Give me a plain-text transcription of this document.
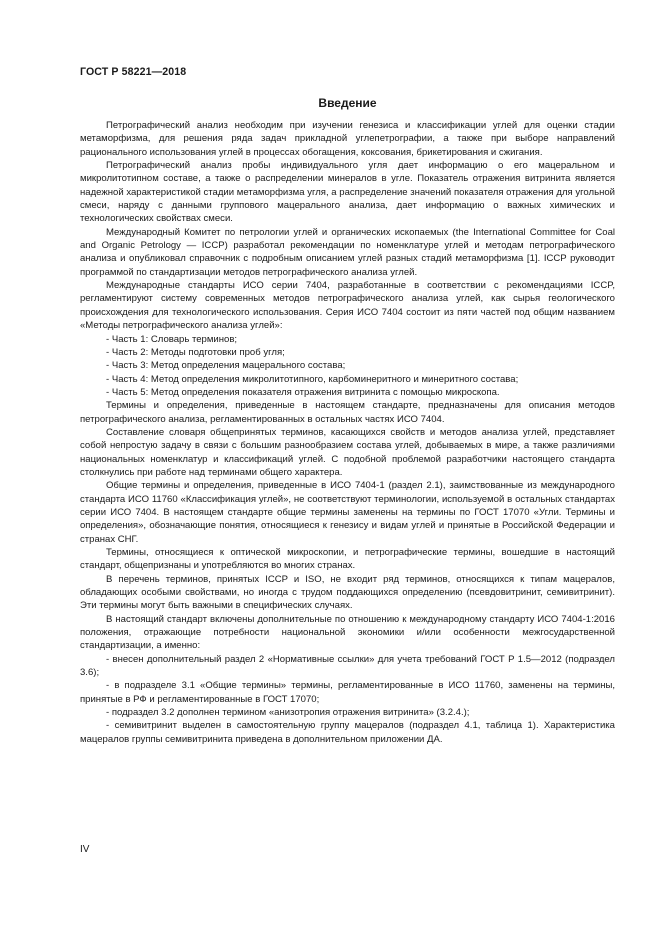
ГОСТ Р 58221—2018
Введение

Петрографический анализ необходим при изучении генезиса и классификации углей для оценки стадии метаморфизма, для решения ряда задач прикладной углепетрографии, а также при выборе направлений рационального использования углей в процессах обогащения, коксования, брикетирования и сжигания.

Петрографический анализ пробы индивидуального угля дает информацию о его мацеральном и микролитотипном составе, а также о распределении минералов в угле. Показатель отражения витринита является надежной характеристикой стадии метаморфизма угля, а распределение значений показателя отражения для угольной смеси, наряду с данными группового мацерального анализа, дает информацию о важных химических и технологических свойствах смеси.

Международный Комитет по петрологии углей и органических ископаемых (the International Committee for Coal and Organic Petrology — ICCP) разработал рекомендации по номенклатуре углей и методам петрографического анализа и опубликовал справочник с подробным описанием углей разных стадий метаморфизма [1]. ICCP руководит программой по стандартизации методов петрографического анализа углей.

Международные стандарты ИСО серии 7404, разработанные в соответствии с рекомендациями ICCP, регламентируют систему современных методов петрографического анализа углей, как сырья геологического происхождения для технологического использования. Серия ИСО 7404 состоит из пяти частей под общим названием «Методы петрографического анализа углей»:

- Часть 1: Словарь терминов;

- Часть 2: Методы подготовки проб угля;

- Часть 3: Метод определения мацерального состава;

- Часть 4: Метод определения микролитотипного, карбоминеритного и минеритного состава;

- Часть 5: Метод определения показателя отражения витринита с помощью микроскопа.

Термины и определения, приведенные в настоящем стандарте, предназначены для описания методов петрографического анализа, регламентированных в остальных частях ИСО 7404.

Составление словаря общепринятых терминов, касающихся свойств и методов анализа углей, представляет собой непростую задачу в связи с большим разнообразием состава углей, добываемых в мире, а также различиями национальных номенклатур и классификаций углей. С подобной проблемой разработчики настоящего стандарта столкнулись при работе над терминами общего характера.

Общие термины и определения, приведенные в ИСО 7404-1 (раздел 2.1), заимствованные из международного стандарта ИСО 11760 «Классификация углей», не соответствуют терминологии, используемой в остальных стандартах серии ИСО 7404. В настоящем стандарте общие термины заменены на термины по ГОСТ 17070 «Угли. Термины и определения», обозначающие понятия, относящиеся к генезису и видам углей и принятые в Российской Федерации и странах СНГ.

Термины, относящиеся к оптической микроскопии, и петрографические термины, вошедшие в настоящий стандарт, общепризнаны и употребляются во многих странах.

В перечень терминов, принятых ICCP и ISO, не входит ряд терминов, относящихся к типам мацералов, обладающих особыми свойствами, но иногда с трудом поддающихся определению (псевдовитринит, семивитринит). Эти термины могут быть важными в специфических случаях.

В настоящий стандарт включены дополнительные по отношению к международному стандарту ИСО 7404-1:2016 положения, отражающие потребности национальной экономики и/или особенности межгосударственной стандартизации, а именно:

- внесен дополнительный раздел 2 «Нормативные ссылки» для учета требований ГОСТ Р 1.5—2012 (подраздел 3.6);

- в подразделе 3.1 «Общие термины» термины, регламентированные в ИСО 11760, заменены на термины, принятые в РФ и регламентированные в ГОСТ 17070;

- подраздел 3.2 дополнен термином «анизотропия отражения витринита» (3.2.4.);

- семивитринит выделен в самостоятельную группу мацералов (подраздел 4.1, таблица 1). Характеристика мацералов группы семивитринита приведена в дополнительном приложении ДА.

IV
